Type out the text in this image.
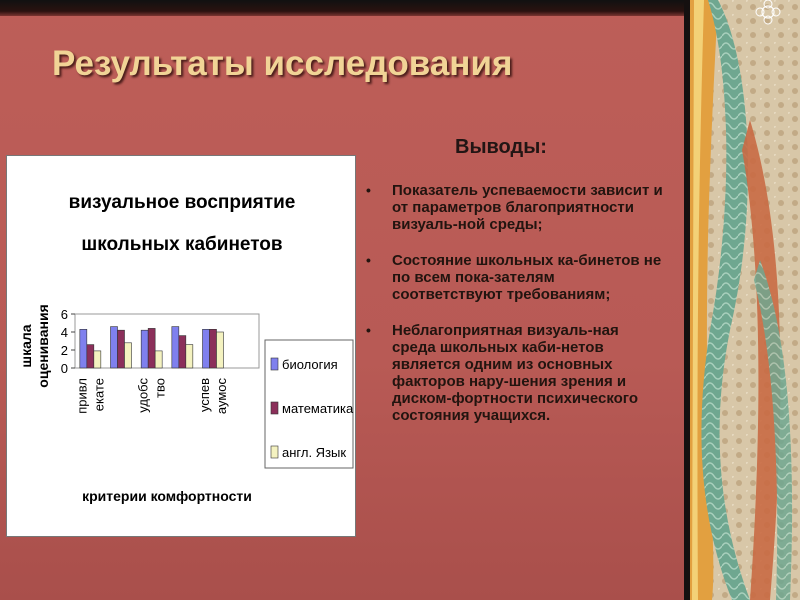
Результаты исследования
Выводы:
• Показатель успеваемости зависит и от параметров благоприятности визуаль-ной среды;
• Состояние школьных ка-бинетов не по всем пока-зателям соответствуют требованиям;
• Неблагоприятная визуаль-ная среда школьных каби-нетов является одним из основных факторов нару-шения зрения и диском-фортности психического состояния учащихся.
визуальное восприятие
школьных кабинетов
0
2
4
6
шкала оценивания
привл екате удобс тво успев аумос
критерии комфортности
биология
математика
англ. Язык
